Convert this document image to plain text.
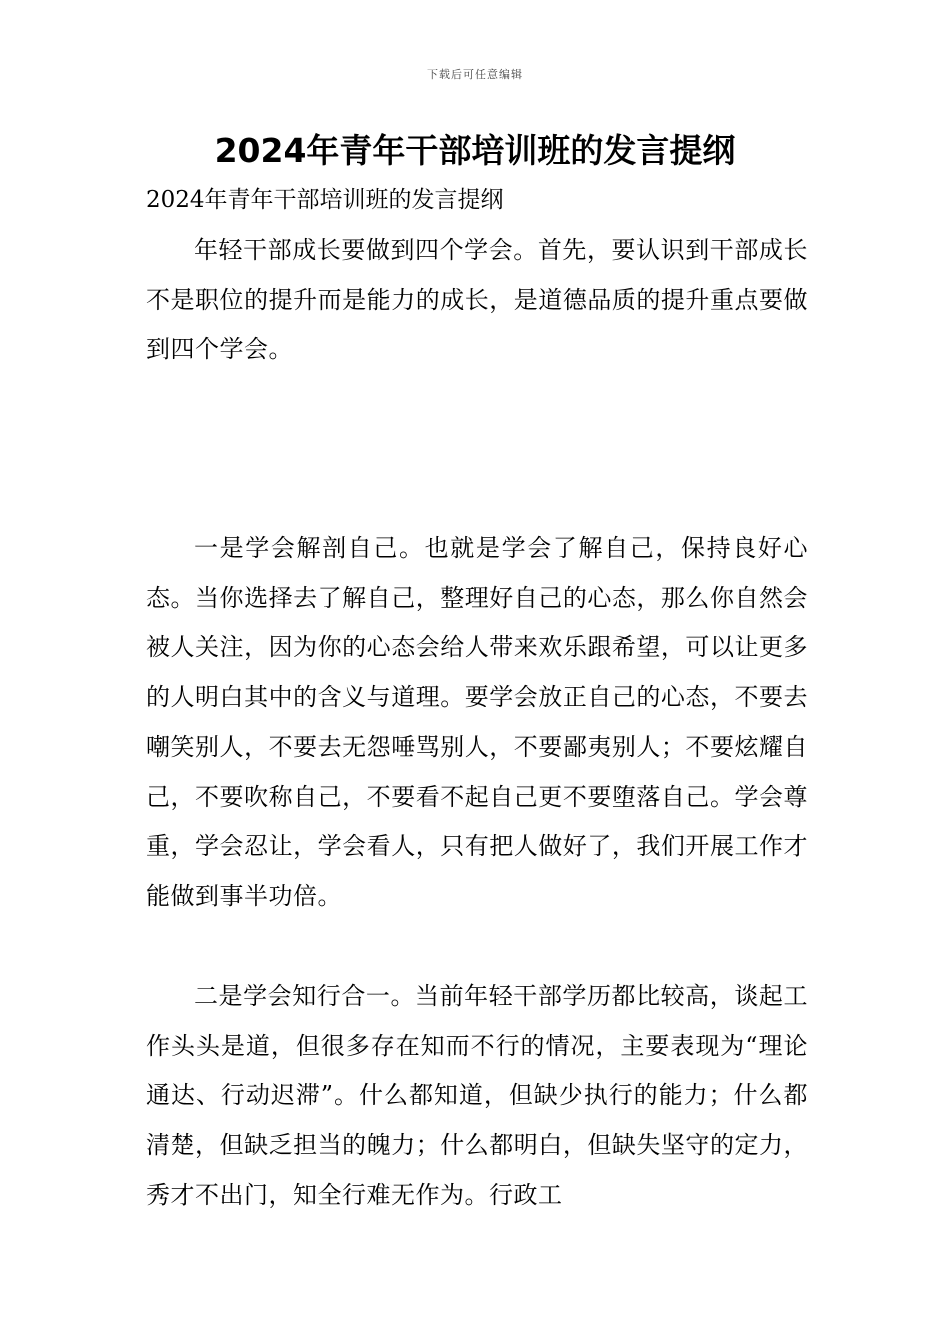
下载后可任意编辑
2024年青年干部培训班的发言提纲

2024年青年干部培训班的发言提纲

年轻干部成长要做到四个学会。首先，要认识到干部成长不是职位的提升而是能力的成长，是道德品质的提升重点要做到四个学会。

一是学会解剖自己。也就是学会了解自己，保持良好心态。当你选择去了解自己，整理好自己的心态，那么你自然会被人关注，因为你的心态会给人带来欢乐跟希望，可以让更多的人明白其中的含义与道理。要学会放正自己的心态，不要去嘲笑别人，不要去无怨唾骂别人，不要鄙夷别人；不要炫耀自己，不要吹称自己，不要看不起自己更不要堕落自己。学会尊重，学会忍让，学会看人，只有把人做好了，我们开展工作才能做到事半功倍。

二是学会知行合一。当前年轻干部学历都比较高，谈起工作头头是道，但很多存在知而不行的情况，主要表现为“理论通达、行动迟滞”。什么都知道，但缺少执行的能力；什么都清楚，但缺乏担当的魄力；什么都明白，但缺失坚守的定力，秀才不出门，知全行难无作为。行政工
